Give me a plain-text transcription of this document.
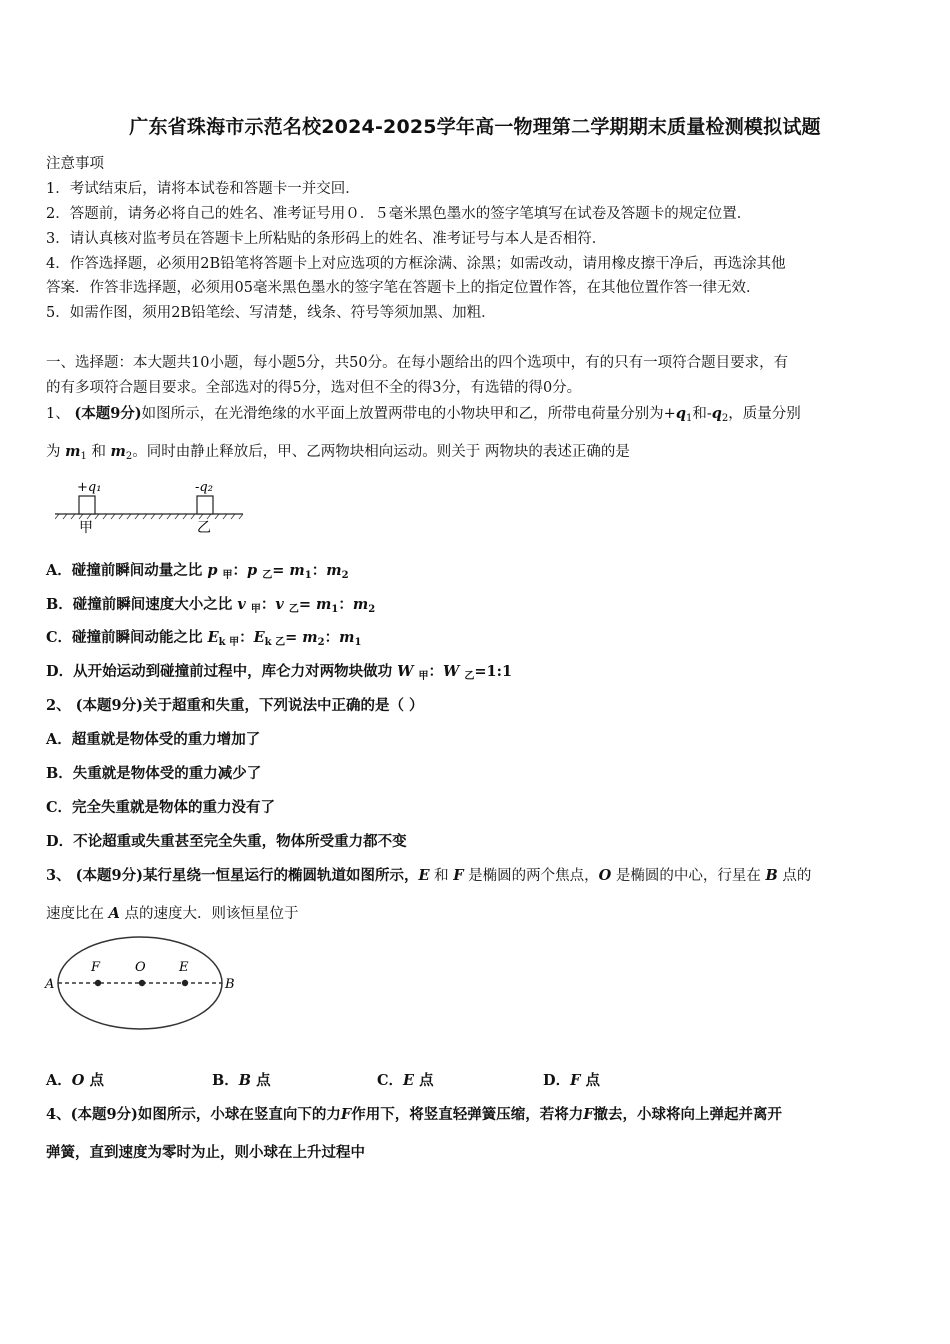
广东省珠海市示范名校2024-2025学年高一物理第二学期期末质量检测模拟试题
注意事项
1．考试结束后，请将本试卷和答题卡一并交回．
2．答题前，请务必将自己的姓名、准考证号用０．５毫米黑色墨水的签字笔填写在试卷及答题卡的规定位置．
3．请认真核对监考员在答题卡上所粘贴的条形码上的姓名、准考证号与本人是否相符．
4．作答选择题，必须用2B铅笔将答题卡上对应选项的方框涂满、涂黑；如需改动，请用橡皮擦干净后，再选涂其他
答案．作答非选择题，必须用05毫米黑色墨水的签字笔在答题卡上的指定位置作答，在其他位置作答一律无效．
5．如需作图，须用2B铅笔绘、写清楚，线条、符号等须加黑、加粗．
一、选择题：本大题共10小题，每小题5分，共50分。在每小题给出的四个选项中，有的只有一项符合题目要求，有
的有多项符合题目要求。全部选对的得5分，选对但不全的得3分，有选错的得0分。
1、 (本题9分)如图所示，在光滑绝缘的水平面上放置两带电的小物块甲和乙，所带电荷量分别为$+q_1$和$-q_2$，质量分别
为 $m_1$ 和 $m_2$。同时由静止释放后，甲、乙两物块相向运动。则关于 两物块的表述正确的是
+q₁	-q₂
甲	乙
A．碰撞前瞬间动量之比 p $_甲$：p $_乙= m_1$：$m_2$
B．碰撞前瞬间速度大小之比 v $_甲$：v $_乙= m_1$：$m_2$
C．碰撞前瞬间动能之比 $E_{k 甲}$：$E_{k 乙}= m_2$：$m_1$
D．从开始运动到碰撞前过程中，库仑力对两物块做功 W $_甲$：W $_乙$=1:1
2、 (本题9分)关于超重和失重，下列说法中正确的是（ ）
A．超重就是物体受的重力增加了
B．失重就是物体受的重力减少了
C．完全失重就是物体的重力没有了
D．不论超重或失重甚至完全失重，物体所受重力都不变
3、 (本题9分)某行星绕一恒星运行的椭圆轨道如图所示，E 和 F 是椭圆的两个焦点，O 是椭圆的中心，行星在 B 点的
速度比在 A 点的速度大．则该恒星位于
A	B
F	O	E
A．O 点	B．B 点	C．E 点	D．F 点
4、(本题9分)如图所示，小球在竖直向下的力F作用下，将竖直轻弹簧压缩，若将力F撤去，小球将向上弹起并离开
弹簧，直到速度为零时为止，则小球在上升过程中
